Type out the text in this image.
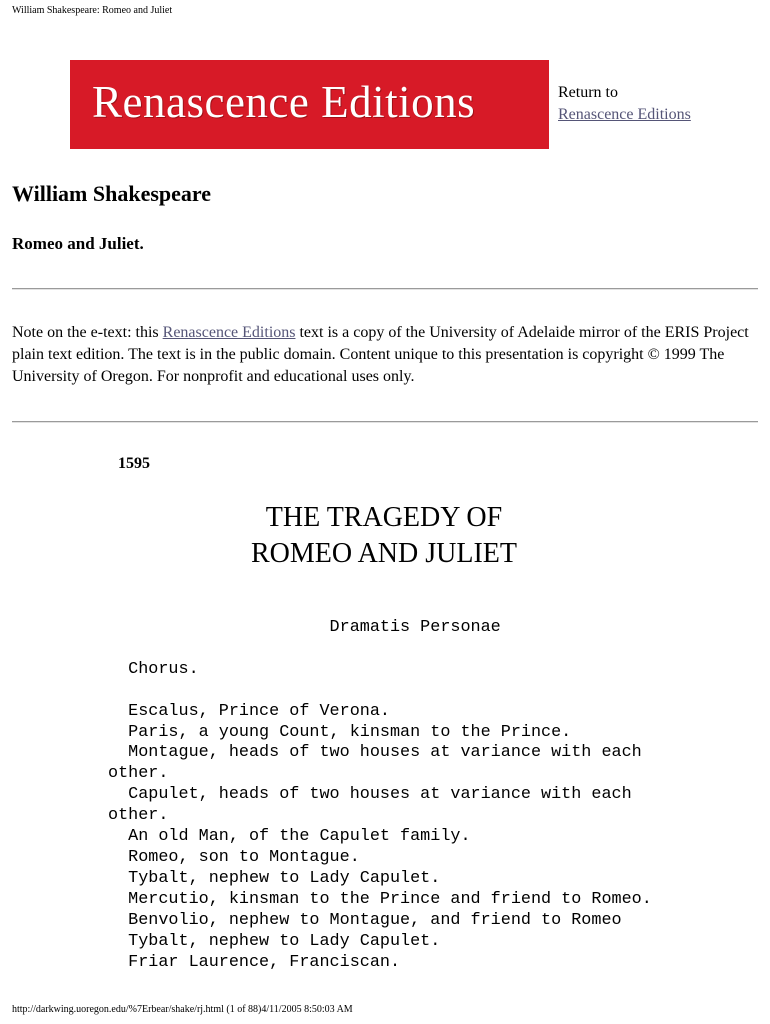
William Shakespeare: Romeo and Juliet
Renascence Editions	Return to
Renascence Editions
William Shakespeare
Romeo and Juliet.
Note on the e-text: this Renascence Editions text is a copy of the University of Adelaide mirror of the ERIS Project plain text edition. The text is in the public domain. Content unique to this presentation is copyright © 1999 The University of Oregon. For nonprofit and educational uses only.
1595
THE TRAGEDY OF
ROMEO AND JULIET
Dramatis Personae

Chorus.

Escalus, Prince of Verona.
Paris, a young Count, kinsman to the Prince.
Montague, heads of two houses at variance with each
other.
Capulet, heads of two houses at variance with each
other.
An old Man, of the Capulet family.
Romeo, son to Montague.
Tybalt, nephew to Lady Capulet.
Mercutio, kinsman to the Prince and friend to Romeo.
Benvolio, nephew to Montague, and friend to Romeo
Tybalt, nephew to Lady Capulet.
Friar Laurence, Franciscan.
http://darkwing.uoregon.edu/%7Erbear/shake/rj.html (1 of 88)4/11/2005 8:50:03 AM
